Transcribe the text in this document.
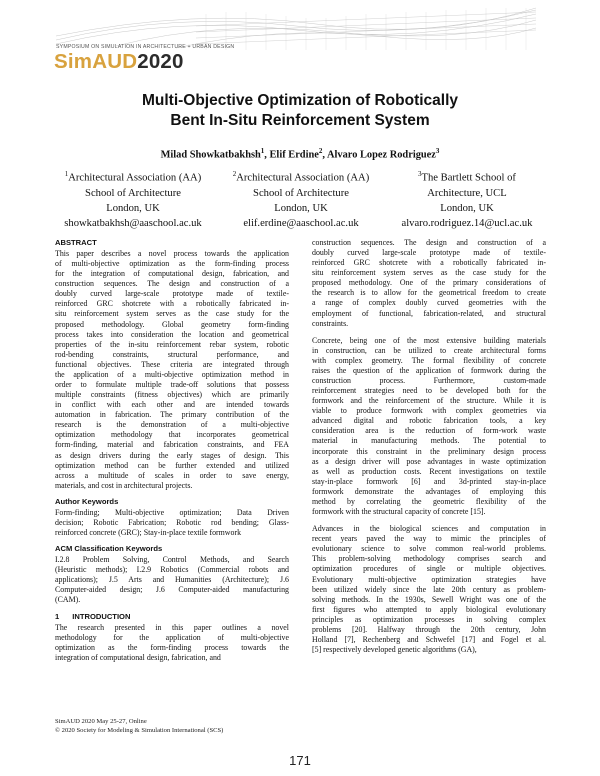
SYMPOSIUM ON SIMULATION IN ARCHITECTURE + URBAN DESIGN
SimAUD2020
Multi-Objective Optimization of Robotically
Bent In-Situ Reinforcement System
Milad Showkatbakhsh$^1$, Elif Erdine$^2$, Alvaro Lopez Rodriguez$^3$
$^1$Architectural Association (AA)
School of Architecture
London, UK
showkatbakhsh@aaschool.ac.uk
$^2$Architectural Association (AA)
School of Architecture
London, UK
elif.erdine@aaschool.ac.uk
$^3$The Bartlett School of
Architecture, UCL
London, UK
alvaro.rodriguez.14@ucl.ac.uk
ABSTRACT
This paper describes a novel process towards the application
of multi-objective optimization as the form-finding process
for the integration of computational design, fabrication, and
construction sequences. The design and construction of a
doubly curved large-scale prototype made of textile-
reinforced GRC shotcrete with a robotically fabricated in-
situ reinforcement system serves as the case study for the
proposed methodology. Global geometry form-finding
process takes into consideration the location and geometrical
properties of the in-situ reinforcement rebar system, robotic
rod-bending constraints, structural performance, and
functional objectives. These criteria are integrated through
the application of a multi-objective optimization method in
order to formulate multiple trade-off solutions that possess
multiple constraints (fitness objectives) which are primarily
in conflict with each other and are intended towards
automation in fabrication. The primary contribution of the
research is the demonstration of a multi-objective
optimization methodology that incorporates geometrical
form-finding, material and fabrication constraints, and FEA
as design drivers during the early stages of design. This
optimization method can be further extended and utilized
across a multitude of scales in order to save energy,
materials, and cost in architectural projects.
Author Keywords
Form-finding; Multi-objective optimization; Data Driven
decision; Robotic Fabrication; Robotic rod bending; Glass-
reinforced concrete (GRC); Stay-in-place textile formwork
ACM Classification Keywords
I.2.8 Problem Solving, Control Methods, and Search
(Heuristic methods); I.2.9 Robotics (Commercial robots and
applications); J.5 Arts and Humanities (Architecture); J.6
Computer-aided design; J.6 Computer-aided manufacturing
(CAM).
1 INTRODUCTION
The research presented in this paper outlines a novel
methodology for the application of multi-objective
optimization as the form-finding process towards the
integration of computational design, fabrication, and
construction sequences. The design and construction of a
doubly curved large-scale prototype made of textile-
reinforced GRC shotcrete with a robotically fabricated in-
situ reinforcement system serves as the case study for the
proposed methodology. One of the primary considerations of
the research is to allow for the geometrical freedom to create
a range of complex doubly curved geometries with the
employment of functional, fabrication-related, and structural
constraints.
Concrete, being one of the most extensive building materials
in construction, can be utilized to create architectural forms
with complex geometry. The formal flexibility of concrete
raises the question of the application of formwork during the
construction process. Furthermore, custom-made
reinforcement strategies need to be developed both for the
formwork and the reinforcement of the structure. While it is
viable to produce formwork with complex geometries via
advanced digital and robotic fabrication tools, a key
consideration area is the reduction of form-work waste
material in manufacturing methods. The potential to
incorporate this constraint in the preliminary design process
as a design driver will pose advantages in waste optimization
as well as production costs. Recent investigations on textile
stay-in-place formwork [6] and 3d-printed stay-in-place
formwork demonstrate the advantages of employing this
method by correlating the geometric flexibility of the
formwork with the structural capacity of concrete [15].
Advances in the biological sciences and computation in
recent years paved the way to mimic the principles of
evolutionary science to solve common real-world problems.
This problem-solving methodology comprises search and
optimization procedures of single or multiple objectives.
Evolutionary multi-objective optimization strategies have
been utilized widely since the late 20th century as problem-
solving methods. In the 1930s, Sewell Wright was one of the
first figures who attempted to apply biological evolutionary
principles as optimization processes in solving complex
problems [20]. Halfway through the 20th century, John
Holland [7], Rechenberg and Schwefel [17] and Fogel et al.
[5] respectively developed genetic algorithms (GA),
SimAUD 2020 May 25-27, Online
© 2020 Society for Modeling & Simulation International (SCS)
171
